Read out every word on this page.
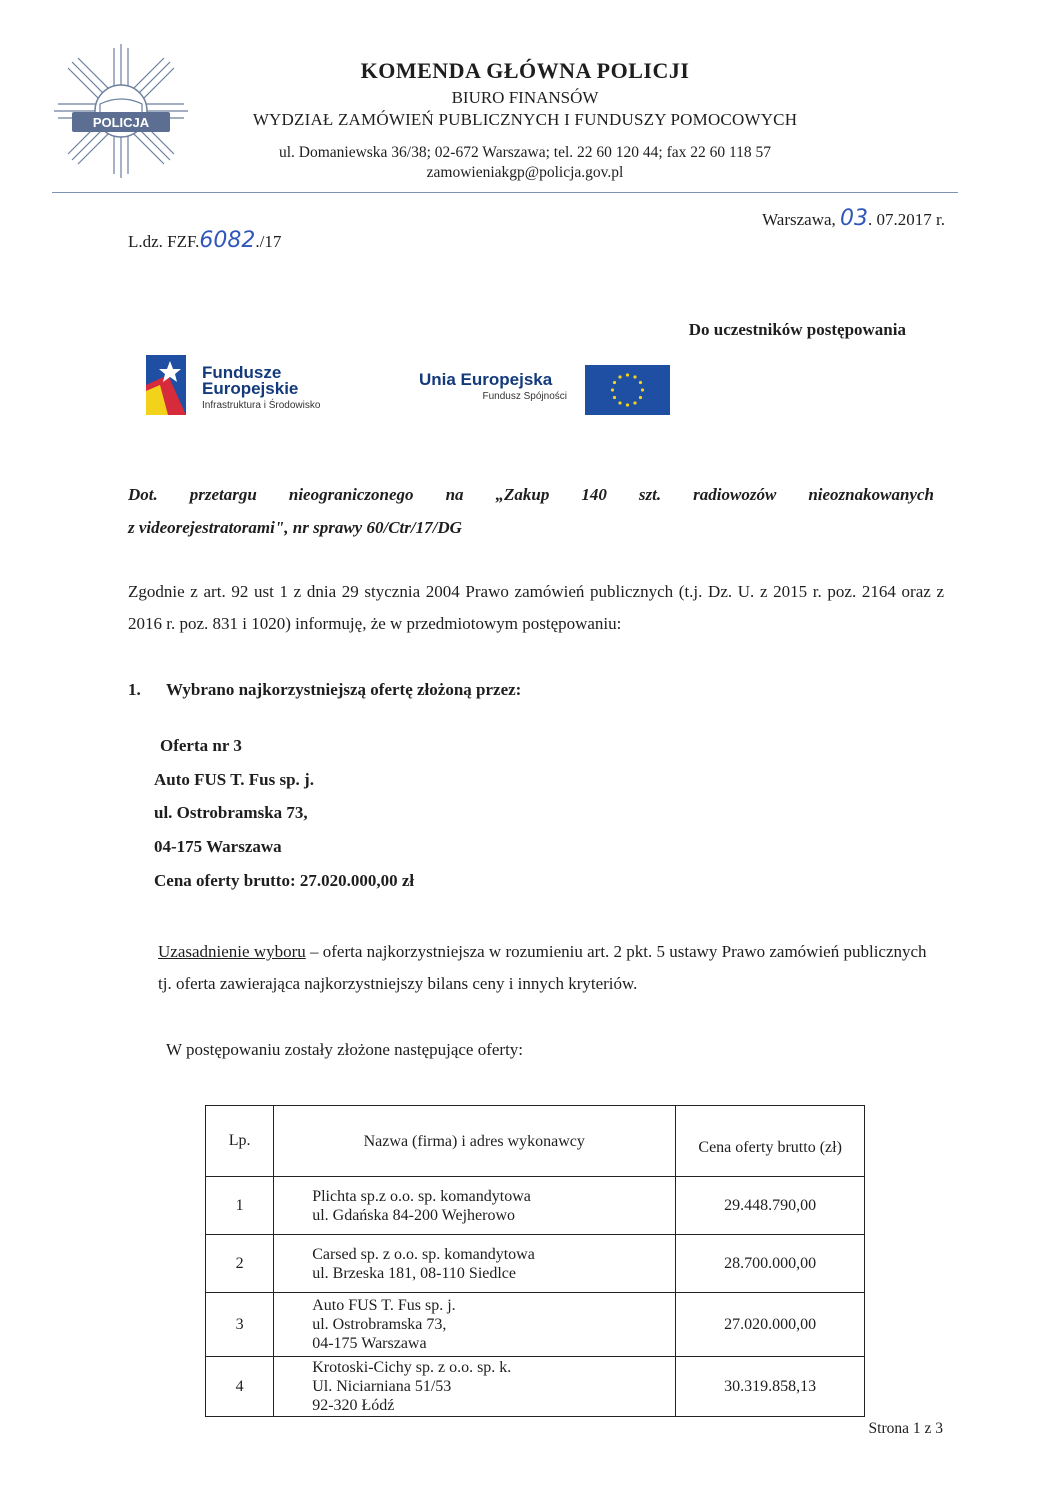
POLICJA
KOMENDA GŁÓWNA POLICJI
BIURO FINANSÓW
WYDZIAŁ ZAMÓWIEŃ PUBLICZNYCH I FUNDUSZY POMOCOWYCH
ul. Domaniewska 36/38; 02-672 Warszawa; tel. 22 60 120 44; fax 22 60 118 57
zamowieniakgp@policja.gov.pl
L.dz. FZF.6082./17
Warszawa, 03. 07.2017 r.
Do uczestników postępowania
Fundusze
Europejskie
Infrastruktura i Środowisko
Unia Europejska
Fundusz Spójności
Dot. przetargu nieograniczonego na „Zakup 140 szt. radiowozów nieoznakowanych
z videorejestratorami", nr sprawy 60/Ctr/17/DG
Zgodnie z art. 92 ust 1 z dnia 29 stycznia 2004 Prawo zamówień publicznych (t.j. Dz. U. z 2015 r. poz. 2164 oraz z 2016 r. poz. 831 i 1020) informuję, że w przedmiotowym postępowaniu:
1. Wybrano najkorzystniejszą ofertę złożoną przez:
Oferta nr 3
Auto FUS T. Fus sp. j.
ul. Ostrobramska 73,
04-175 Warszawa
Cena oferty brutto: 27.020.000,00 zł
Uzasadnienie wyboru – oferta najkorzystniejsza w rozumieniu art. 2 pkt. 5 ustawy Prawo zamówień publicznych tj. oferta zawierająca najkorzystniejszy bilans ceny i innych kryteriów.
W postępowaniu zostały złożone następujące oferty:
Lp.	Nazwa (firma) i adres wykonawcy	Cena oferty brutto (zł)
1	Plichta sp.z o.o. sp. komandytowa
ul. Gdańska 84-200 Wejherowo	29.448.790,00
2	Carsed sp. z o.o. sp. komandytowa
ul. Brzeska 181, 08-110 Siedlce	28.700.000,00
3	Auto FUS T. Fus sp. j.
ul. Ostrobramska 73,
04-175 Warszawa	27.020.000,00
4	Krotoski-Cichy sp. z o.o. sp. k.
Ul. Niciarniana 51/53
92-320 Łódź	30.319.858,13
Strona 1 z 3
